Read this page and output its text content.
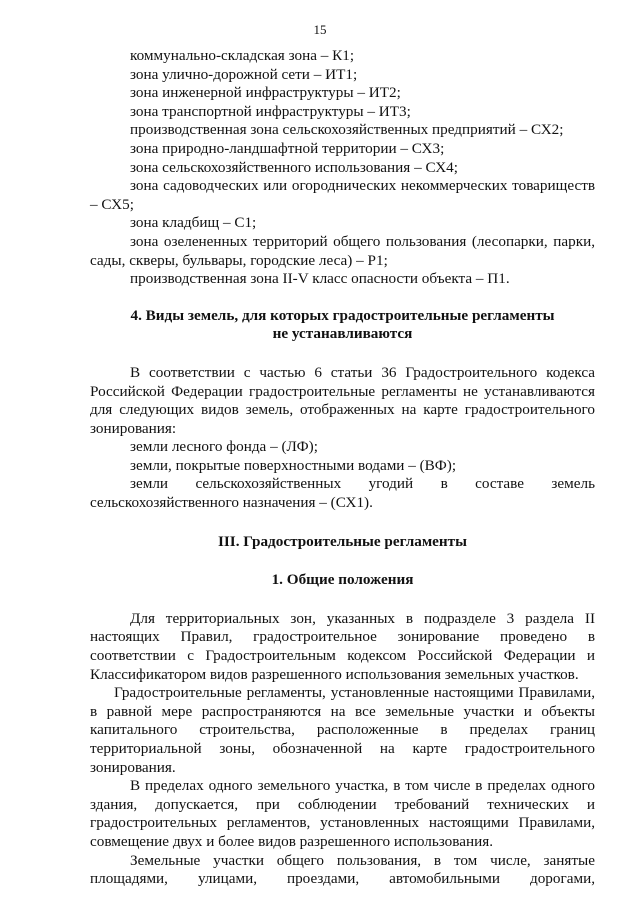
15

коммунально-складская зона – К1;

зона улично-дорожной сети – ИТ1;

зона инженерной инфраструктуры – ИТ2;

зона транспортной инфраструктуры – ИТ3;

производственная зона сельскохозяйственных предприятий – СХ2;

зона природно-ландшафтной территории – СХ3;

зона сельскохозяйственного использования – СХ4;

зона садоводческих или огороднических некоммерческих товариществ – СХ5;

зона кладбищ – С1;

зона озелененных территорий общего пользования (лесопарки, парки, сады, скверы, бульвары, городские леса) – Р1;

производственная зона II-V класс опасности объекта – П1.

4. Виды земель, для которых градостроительные регламенты

не устанавливаются

В соответствии с частью 6 статьи 36 Градостроительного кодекса Российской Федерации градостроительные регламенты не устанавливаются для следующих видов земель, отображенных на карте градостроительного зонирования:

земли лесного фонда – (ЛФ);

земли, покрытые поверхностными водами – (ВФ);

земли сельскохозяйственных угодий в составе земель сельскохозяйственного назначения – (СХ1).

III. Градостроительные регламенты

1. Общие положения

Для территориальных зон, указанных в подразделе 3 раздела II настоящих Правил, градостроительное зонирование проведено в соответствии с Градостроительным кодексом Российской Федерации и Классификатором видов разрешенного использования земельных участков.

Градостроительные регламенты, установленные настоящими Правилами, в равной мере распространяются на все земельные участки и объекты капитального строительства, расположенные в пределах границ территориальной зоны, обозначенной на карте градостроительного зонирования.

В пределах одного земельного участка, в том числе в пределах одного здания, допускается, при соблюдении требований технических и градостроительных регламентов, установленных настоящими Правилами, совмещение двух и более видов разрешенного использования.

Земельные участки общего пользования, в том числе, занятые площадями, улицами, проездами, автомобильными дорогами,
